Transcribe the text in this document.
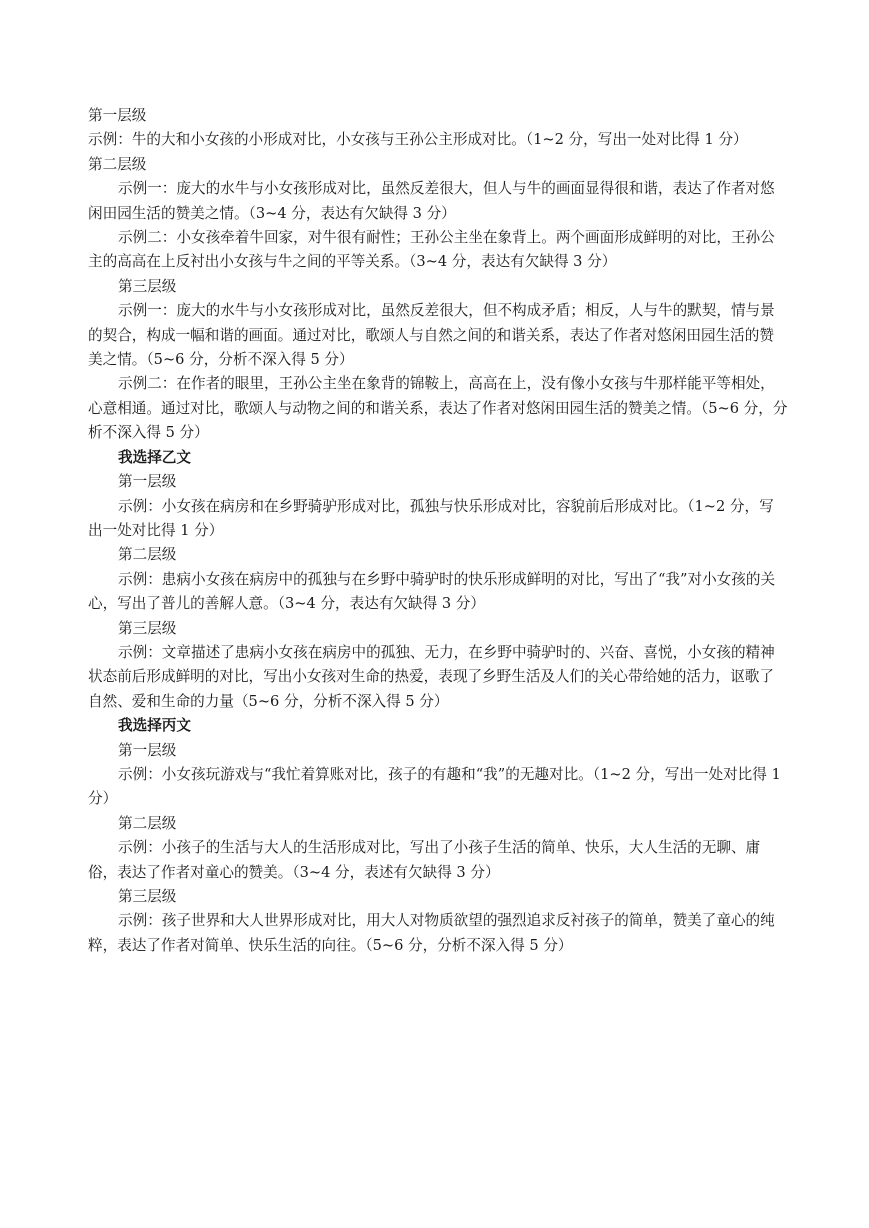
第一层级

示例：牛的大和小女孩的小形成对比，小女孩与王孙公主形成对比。（1~2 分，写出一处对比得 1 分）

第二层级

示例一：庞大的水牛与小女孩形成对比，虽然反差很大，但人与牛的画面显得很和谐，表达了作者对悠闲田园生活的赞美之情。（3~4 分，表达有欠缺得 3 分）

示例二：小女孩牵着牛回家，对牛很有耐性；王孙公主坐在象背上。两个画面形成鲜明的对比，王孙公主的高高在上反衬出小女孩与牛之间的平等关系。（3~4 分，表达有欠缺得 3 分）

第三层级

示例一：庞大的水牛与小女孩形成对比，虽然反差很大，但不构成矛盾；相反，人与牛的默契，情与景的契合，构成一幅和谐的画面。通过对比，歌颂人与自然之间的和谐关系，表达了作者对悠闲田园生活的赞美之情。（5~6 分，分析不深入得 5 分）

示例二：在作者的眼里，王孙公主坐在象背的锦鞍上，高高在上，没有像小女孩与牛那样能平等相处，心意相通。通过对比，歌颂人与动物之间的和谐关系，表达了作者对悠闲田园生活的赞美之情。（5~6 分，分析不深入得 5 分）

我选择乙文

第一层级

示例：小女孩在病房和在乡野骑驴形成对比，孤独与快乐形成对比，容貌前后形成对比。（1~2 分，写出一处对比得 1 分）

第二层级

示例：患病小女孩在病房中的孤独与在乡野中骑驴时的快乐形成鲜明的对比，写出了“我”对小女孩的关心，写出了普儿的善解人意。（3~4 分，表达有欠缺得 3 分）

第三层级

示例：文章描述了患病小女孩在病房中的孤独、无力，在乡野中骑驴时的、兴奋、喜悦，小女孩的精神状态前后形成鲜明的对比，写出小女孩对生命的热爱，表现了乡野生活及人们的关心带给她的活力，讴歌了自然、爱和生命的力量（5~6 分，分析不深入得 5 分）

我选择丙文

第一层级

示例：小女孩玩游戏与“我忙着算账对比，孩子的有趣和“我”的无趣对比。（1~2 分，写出一处对比得 1 分）

第二层级

示例：小孩子的生活与大人的生活形成对比，写出了小孩子生活的简单、快乐，大人生活的无聊、庸俗，表达了作者对童心的赞美。（3~4 分，表述有欠缺得 3 分）

第三层级

示例：孩子世界和大人世界形成对比，用大人对物质欲望的强烈追求反衬孩子的简单，赞美了童心的纯粹，表达了作者对简单、快乐生活的向往。（5~6 分，分析不深入得 5 分）
